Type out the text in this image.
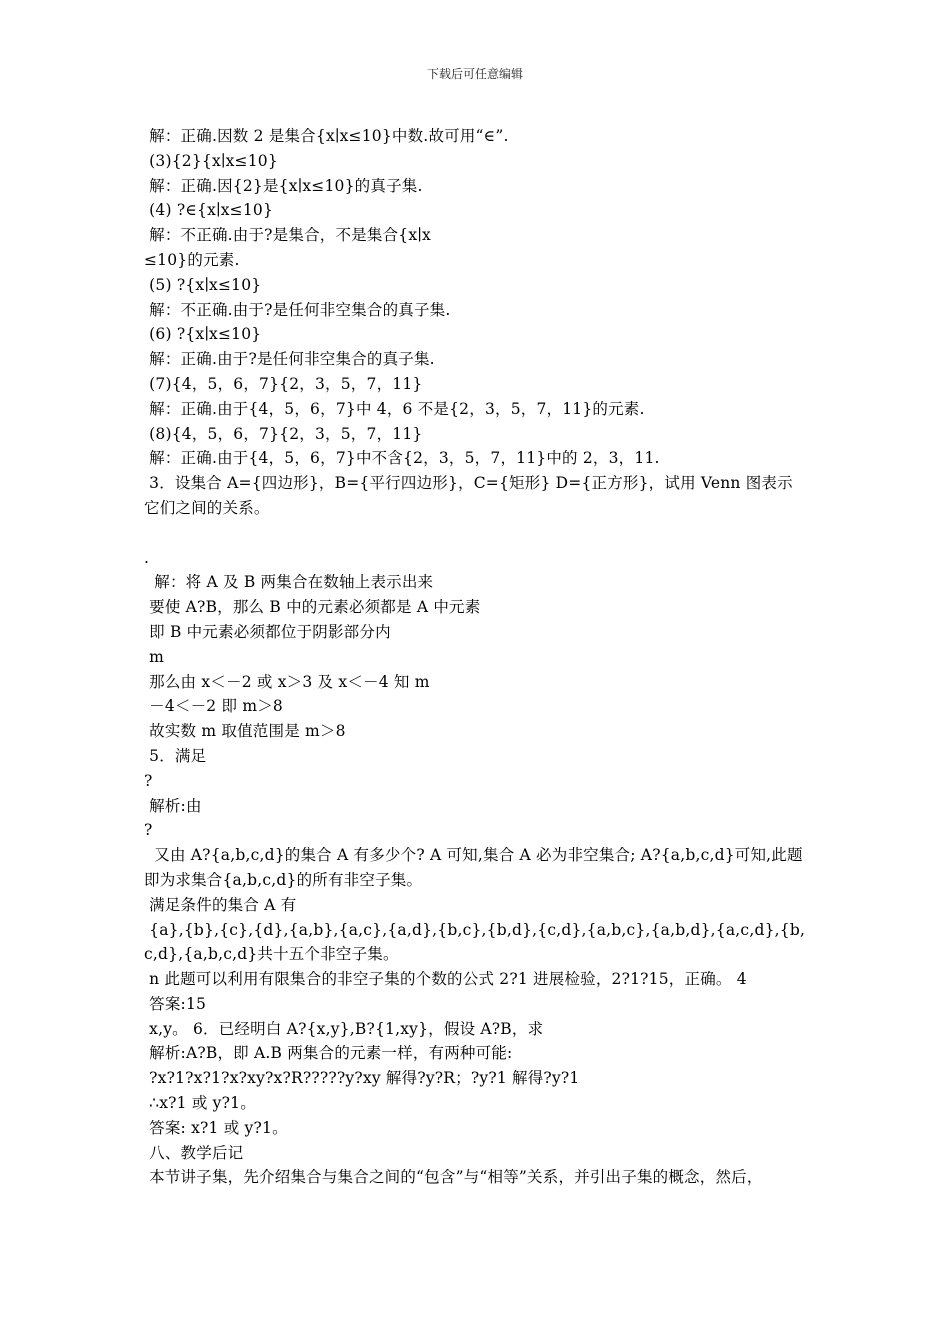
下载后可任意编辑
解：正确.因数 2 是集合{x∣x≤10}中数.故可用“∈”.
(3){2}{x∣x≤10}
解：正确.因{2}是{x∣x≤10}的真子集.
(4) ?∈{x∣x≤10}
解：不正确.由于?是集合，不是集合{x∣x
≤10}的元素.
(5) ?{x∣x≤10}
解：不正确.由于?是任何非空集合的真子集.
(6) ?{x∣x≤10}
解：正确.由于?是任何非空集合的真子集.
(7){4，5，6，7}{2，3，5，7，11}
解：正确.由于{4，5，6，7}中 4，6 不是{2，3，5，7，11}的元素.
(8){4，5，6，7}{2，3，5，7，11}
解：正确.由于{4，5，6，7}中不含{2，3，5，7，11}中的 2，3，11.
3．设集合 A={四边形}，B={平行四边形}，C={矩形} D={正方形}，试用 Venn 图表示它们之间的关系。
.
解：将 A 及 B 两集合在数轴上表示出来
要使 A?B，那么 B 中的元素必须都是 A 中元素
即 B 中元素必须都位于阴影部分内
m
那么由 x＜－2 或 x＞3 及 x＜－4 知 m
－4＜－2 即 m＞8
故实数 m 取值范围是 m＞8
5．满足
?
解析:由
?
又由 A?{a,b,c,d}的集合 A 有多少个? A 可知,集合 A 必为非空集合; A?{a,b,c,d}可知,此题即为求集合{a,b,c,d}的所有非空子集。
满足条件的集合 A 有
{a},{b},{c},{d},{a,b},{a,c},{a,d},{b,c},{b,d},{c,d},{a,b,c},{a,b,d},{a,c,d},{b,c,d},{a,b,c,d}共十五个非空子集。
n 此题可以利用有限集合的非空子集的个数的公式 2?1 进展检验，2?1?15，正确。 4
答案:15
x,y。 6．已经明白 A?{x,y},B?{1,xy}，假设 A?B，求
解析:A?B，即 A.B 两集合的元素一样，有两种可能:
?x?1?x?1?x?xy?x?R?????y?xy 解得?y?R；?y?1 解得?y?1
∴x?1 或 y?1。
答案: x?1 或 y?1。
八、教学后记
本节讲子集，先介绍集合与集合之间的“包含”与“相等”关系，并引出子集的概念，然后，
